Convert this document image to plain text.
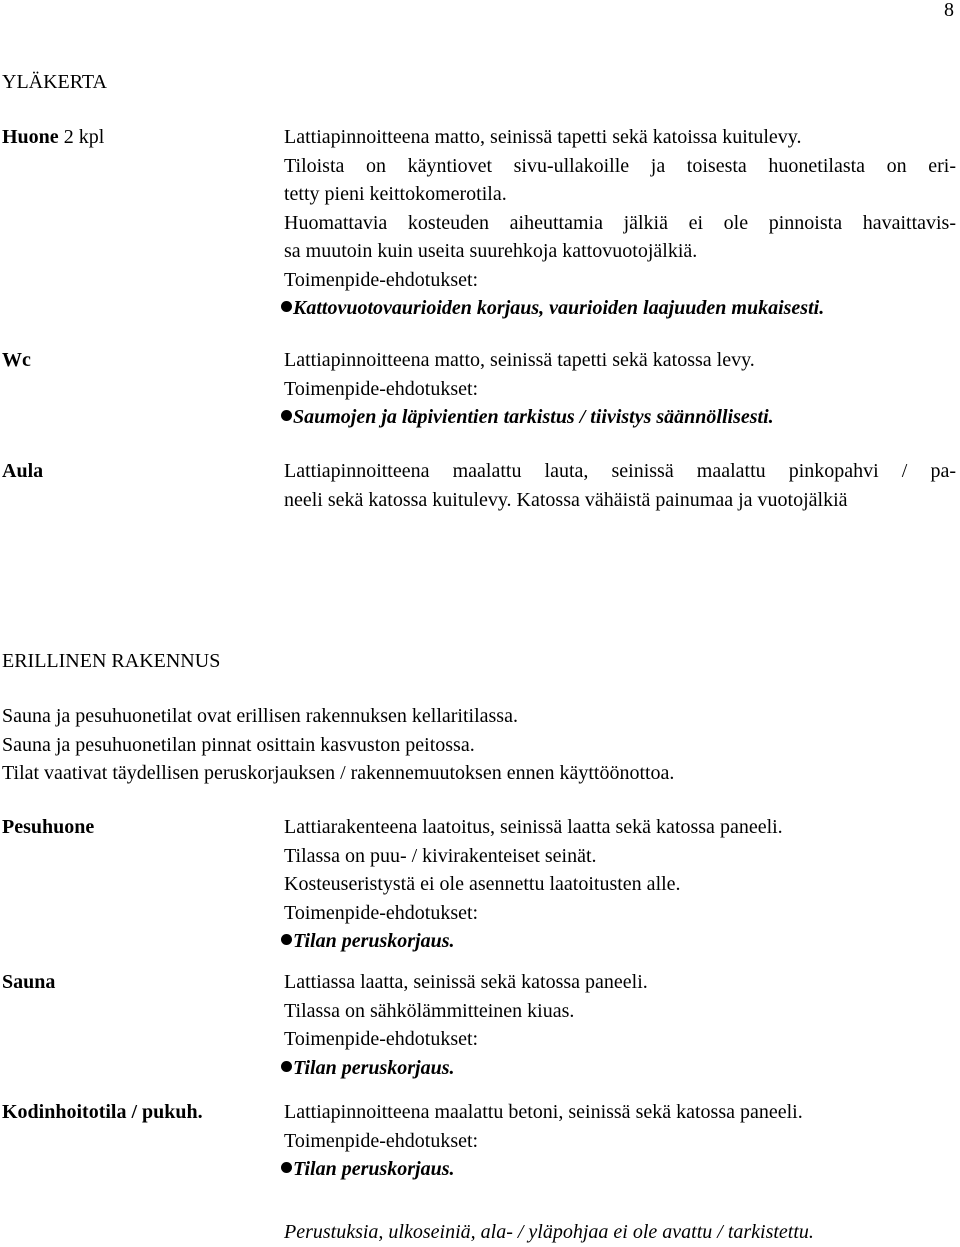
8
YLÄKERTA
Huone 2 kpl	Lattiapinnoitteena matto, seinissä tapetti sekä katoissa kuitulevy.
Tiloista on käyntiovet sivu-ullakoille ja toisesta huonetilasta on eri-
tetty pieni keittokomerotila.
Huomattavia kosteuden aiheuttamia jälkiä ei ole pinnoista havaittavis-
sa muutoin kuin useita suurehkoja kattovuotojälkiä.
Toimenpide-ehdotukset:
Kattovuotovaurioiden korjaus, vaurioiden laajuuden mukaisesti.
Wc	Lattiapinnoitteena matto, seinissä tapetti sekä katossa levy.
Toimenpide-ehdotukset:
Saumojen ja läpivientien tarkistus / tiivistys säännöllisesti.
Aula	Lattiapinnoitteena maalattu lauta, seinissä maalattu pinkopahvi / pa-
neeli sekä katossa kuitulevy. Katossa vähäistä painumaa ja vuotojälkiä
ERILLINEN RAKENNUS
Sauna ja pesuhuonetilat ovat erillisen rakennuksen kellaritilassa.
Sauna ja pesuhuonetilan pinnat osittain kasvuston peitossa.
Tilat vaativat täydellisen peruskorjauksen / rakennemuutoksen ennen käyttöönottoa.
Pesuhuone	Lattiarakenteena laatoitus, seinissä laatta sekä katossa paneeli.
Tilassa on puu- / kivirakenteiset seinät.
Kosteuseristystä ei ole asennettu laatoitusten alle.
Toimenpide-ehdotukset:
Tilan peruskorjaus.
Sauna	Lattiassa laatta, seinissä sekä katossa paneeli.
Tilassa on sähkölämmitteinen kiuas.
Toimenpide-ehdotukset:
Tilan peruskorjaus.
Kodinhoitotila / pukuh.	Lattiapinnoitteena maalattu betoni, seinissä sekä katossa paneeli.
Toimenpide-ehdotukset:
Tilan peruskorjaus.
Perustuksia, ulkoseiniä, ala- / yläpohjaa ei ole avattu / tarkistettu.
